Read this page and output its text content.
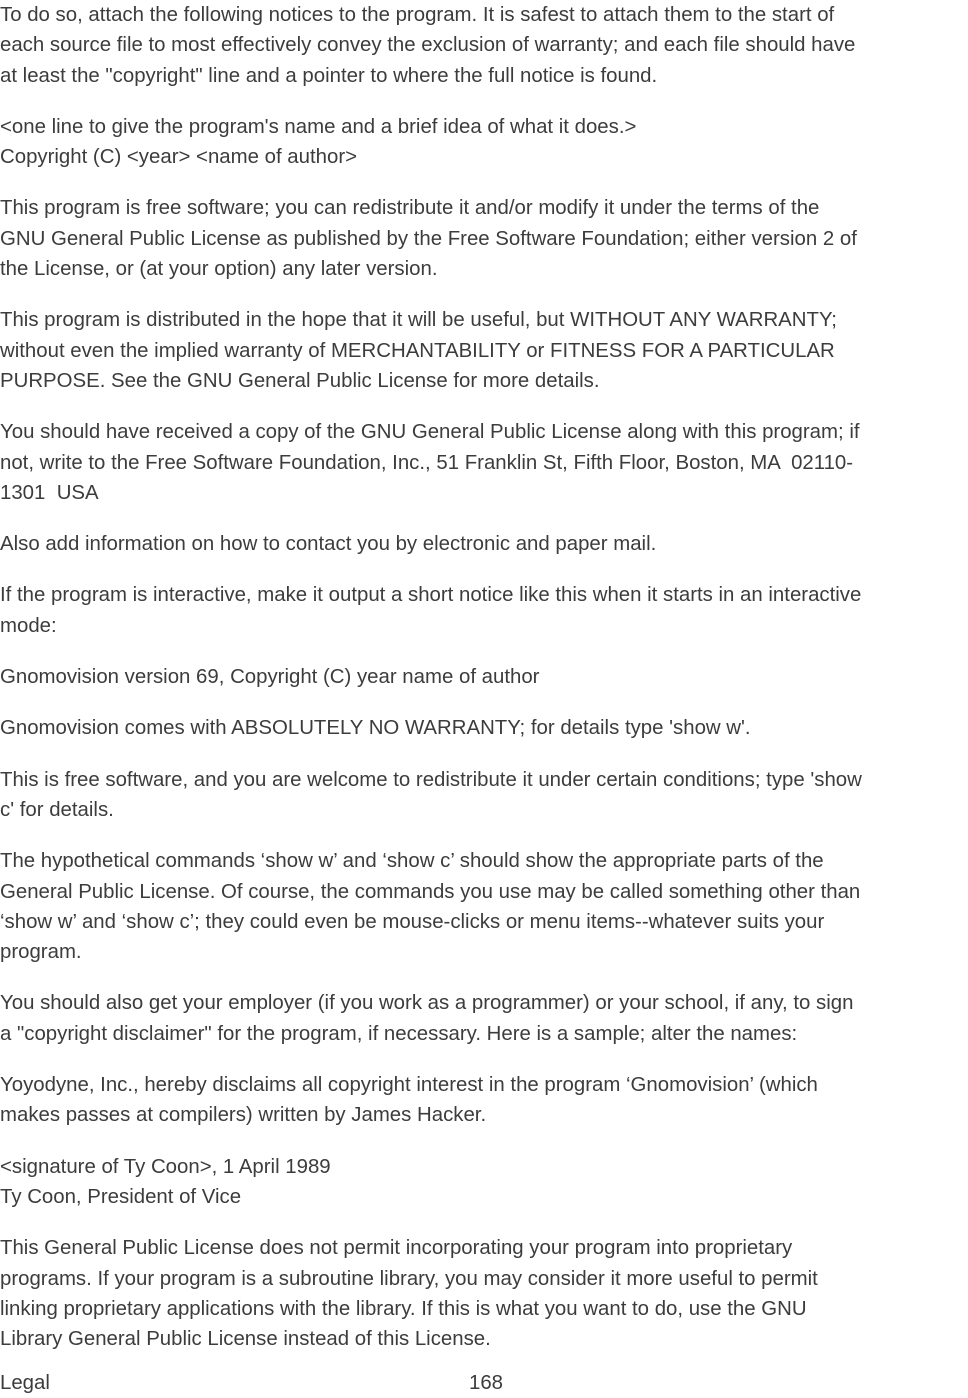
To do so, attach the following notices to the program. It is safest to attach them to the start of
each source file to most effectively convey the exclusion of warranty; and each file should have
at least the "copyright" line and a pointer to where the full notice is found.

<one line to give the program's name and a brief idea of what it does.>
Copyright (C) <year> <name of author>

This program is free software; you can redistribute it and/or modify it under the terms of the
GNU General Public License as published by the Free Software Foundation; either version 2 of
the License, or (at your option) any later version.

This program is distributed in the hope that it will be useful, but WITHOUT ANY WARRANTY;
without even the implied warranty of MERCHANTABILITY or FITNESS FOR A PARTICULAR
PURPOSE. See the GNU General Public License for more details.

You should have received a copy of the GNU General Public License along with this program; if
not, write to the Free Software Foundation, Inc., 51 Franklin St, Fifth Floor, Boston, MA  02110-
1301  USA

Also add information on how to contact you by electronic and paper mail.

If the program is interactive, make it output a short notice like this when it starts in an interactive
mode:

Gnomovision version 69, Copyright (C) year name of author

Gnomovision comes with ABSOLUTELY NO WARRANTY; for details type 'show w'.

This is free software, and you are welcome to redistribute it under certain conditions; type 'show
c' for details.

The hypothetical commands ‘show w’ and ‘show c’ should show the appropriate parts of the
General Public License. Of course, the commands you use may be called something other than
‘show w’ and ‘show c’; they could even be mouse-clicks or menu items--whatever suits your
program.

You should also get your employer (if you work as a programmer) or your school, if any, to sign
a "copyright disclaimer" for the program, if necessary. Here is a sample; alter the names:

Yoyodyne, Inc., hereby disclaims all copyright interest in the program ‘Gnomovision’ (which
makes passes at compilers) written by James Hacker.

<signature of Ty Coon>, 1 April 1989
Ty Coon, President of Vice

This General Public License does not permit incorporating your program into proprietary
programs. If your program is a subroutine library, you may consider it more useful to permit
linking proprietary applications with the library. If this is what you want to do, use the GNU
Library General Public License instead of this License.

Legal	168
